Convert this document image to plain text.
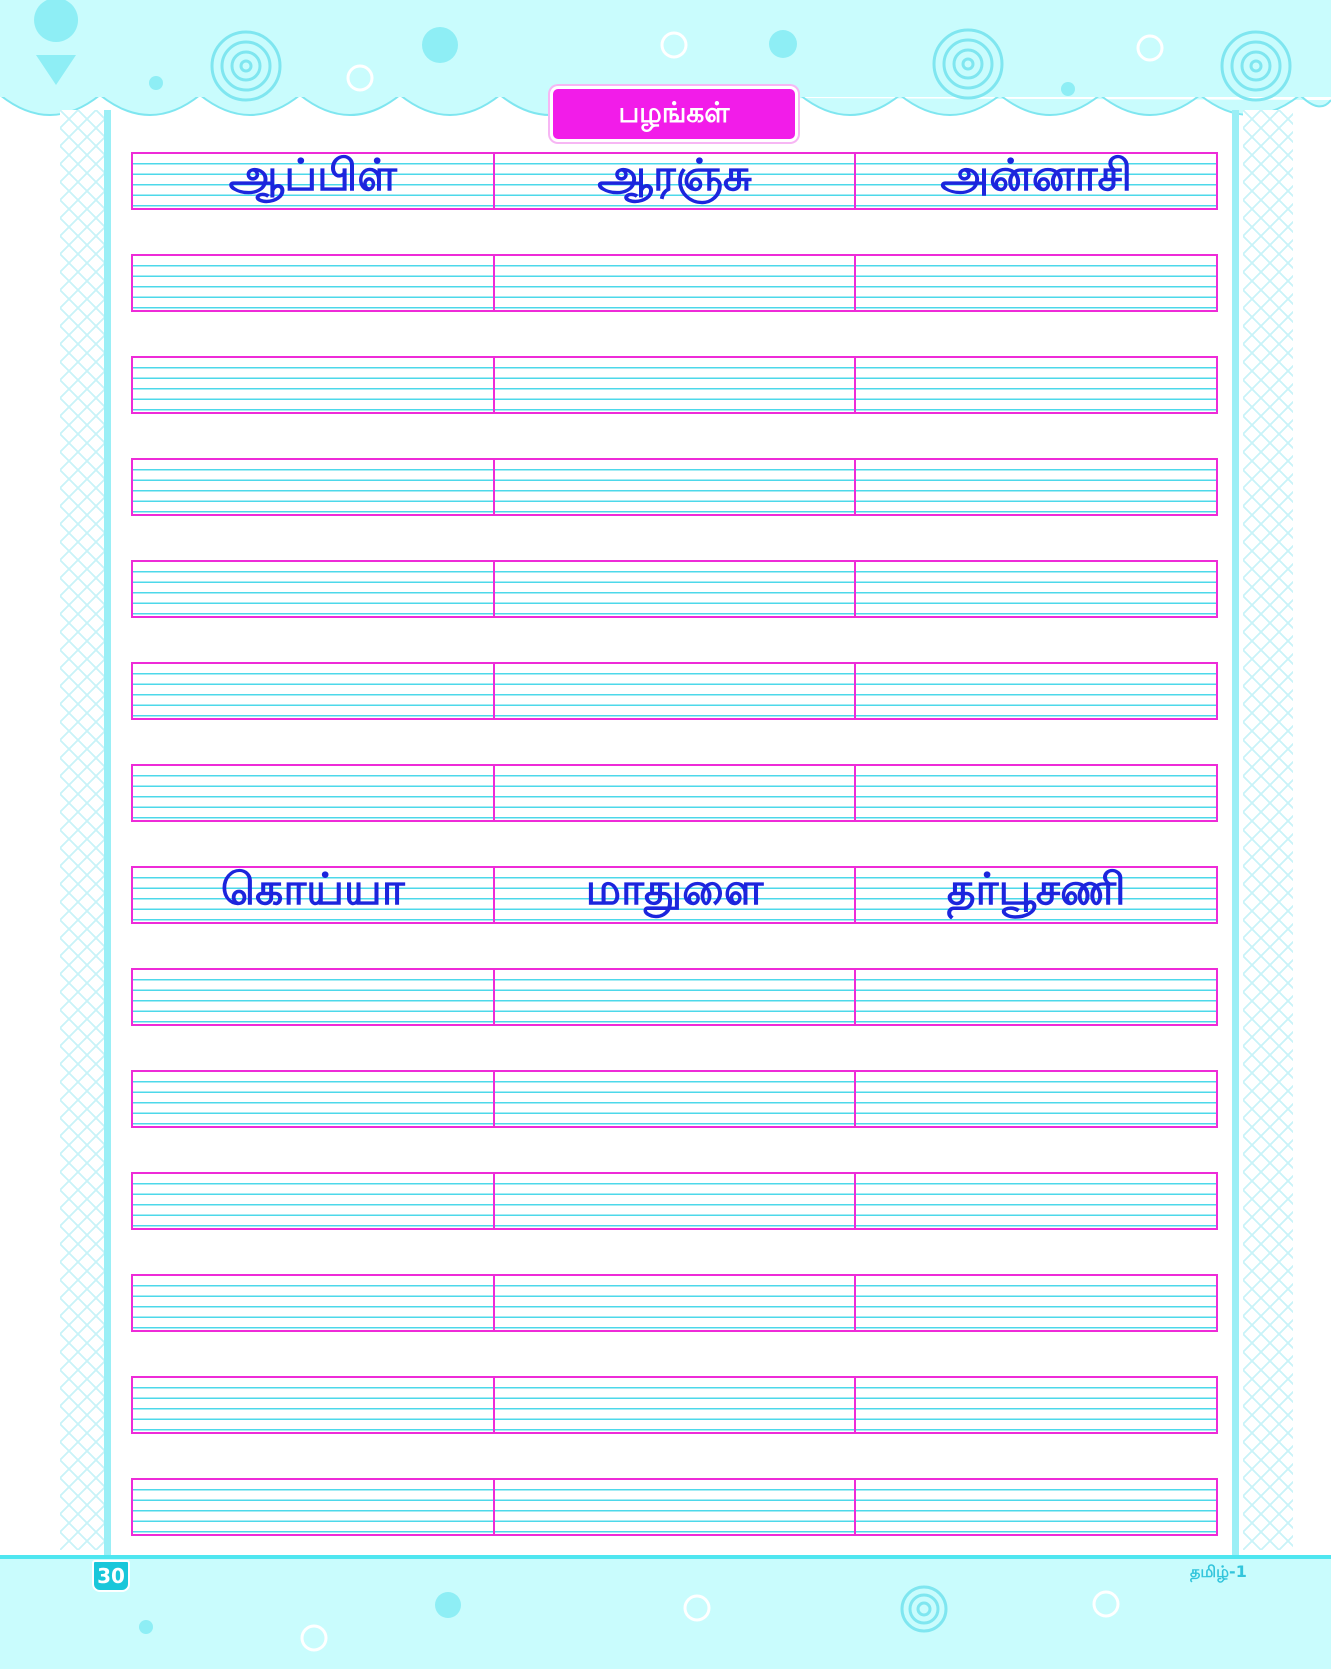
பழங்கள்
ஆப்பிள்	ஆரஞ்சு	அன்னாசி
கொய்யா	மாதுளை	தர்பூசணி
30	தமிழ்-1
